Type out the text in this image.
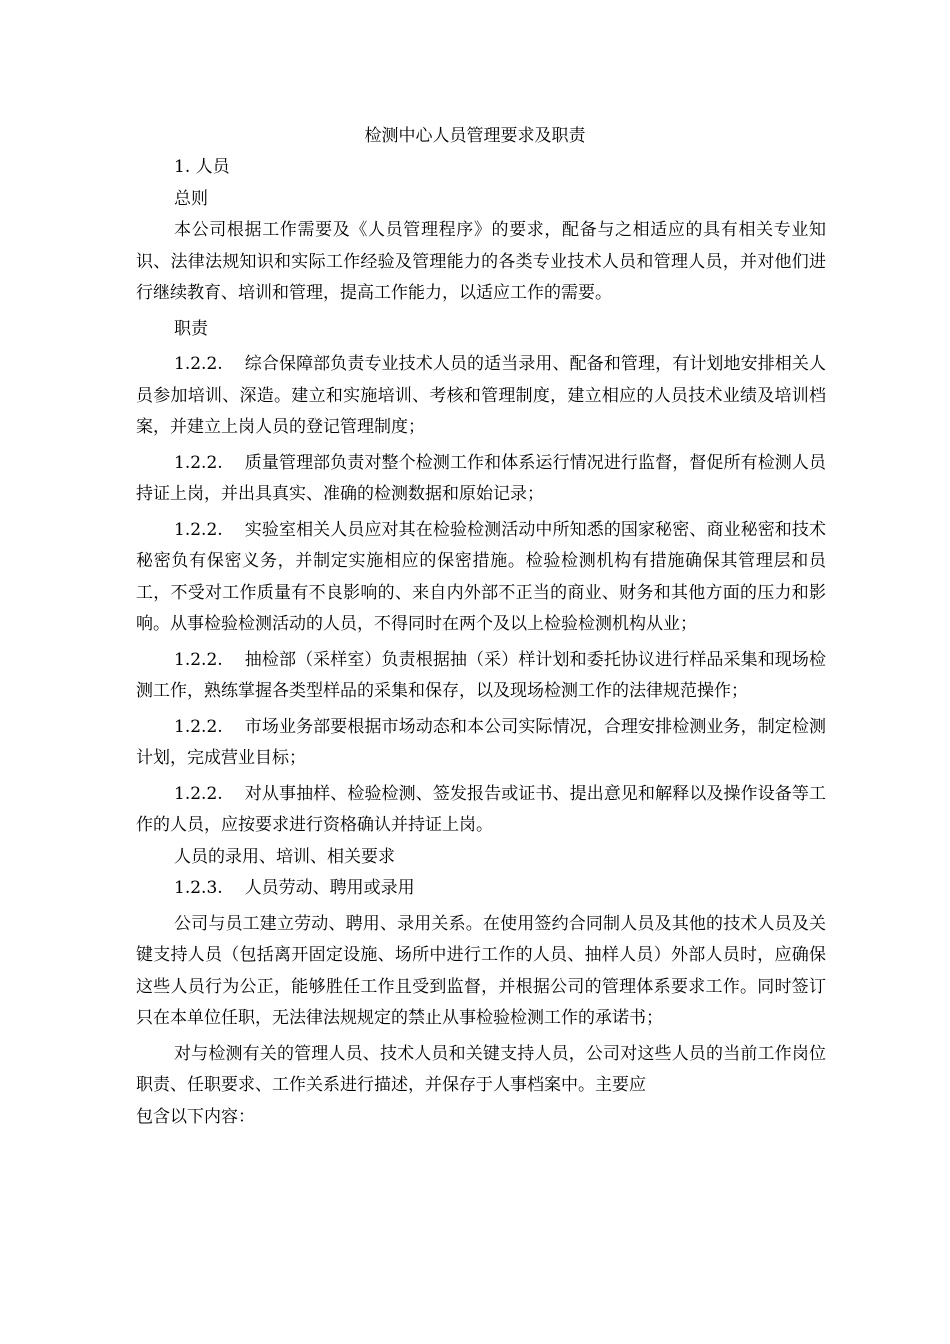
检测中心人员管理要求及职责

1. 人员

总则

本公司根据工作需要及《人员管理程序》的要求，配备与之相适应的具有相关专业知识、法律法规知识和实际工作经验及管理能力的各类专业技术人员和管理人员，并对他们进行继续教育、培训和管理，提高工作能力，以适应工作的需要。

职责

1.2.2. 综合保障部负责专业技术人员的适当录用、配备和管理，有计划地安排相关人员参加培训、深造。建立和实施培训、考核和管理制度，建立相应的人员技术业绩及培训档案，并建立上岗人员的登记管理制度；

1.2.2. 质量管理部负责对整个检测工作和体系运行情况进行监督，督促所有检测人员持证上岗，并出具真实、准确的检测数据和原始记录；

1.2.2. 实验室相关人员应对其在检验检测活动中所知悉的国家秘密、商业秘密和技术秘密负有保密义务，并制定实施相应的保密措施。检验检测机构有措施确保其管理层和员工，不受对工作质量有不良影响的、来自内外部不正当的商业、财务和其他方面的压力和影响。从事检验检测活动的人员，不得同时在两个及以上检验检测机构从业；

1.2.2. 抽检部（采样室）负责根据抽（采）样计划和委托协议进行样品采集和现场检测工作，熟练掌握各类型样品的采集和保存，以及现场检测工作的法律规范操作；

1.2.2. 市场业务部要根据市场动态和本公司实际情况，合理安排检测业务，制定检测计划，完成营业目标；

1.2.2. 对从事抽样、检验检测、签发报告或证书、提出意见和解释以及操作设备等工作的人员，应按要求进行资格确认并持证上岗。

人员的录用、培训、相关要求

1.2.3. 人员劳动、聘用或录用

公司与员工建立劳动、聘用、录用关系。在使用签约合同制人员及其他的技术人员及关键支持人员（包括离开固定设施、场所中进行工作的人员、抽样人员）外部人员时，应确保这些人员行为公正，能够胜任工作且受到监督，并根据公司的管理体系要求工作。同时签订只在本单位任职，无法律法规规定的禁止从事检验检测工作的承诺书；

对与检测有关的管理人员、技术人员和关键支持人员，公司对这些人员的当前工作岗位职责、任职要求、工作关系进行描述，并保存于人事档案中。主要应

包含以下内容：
